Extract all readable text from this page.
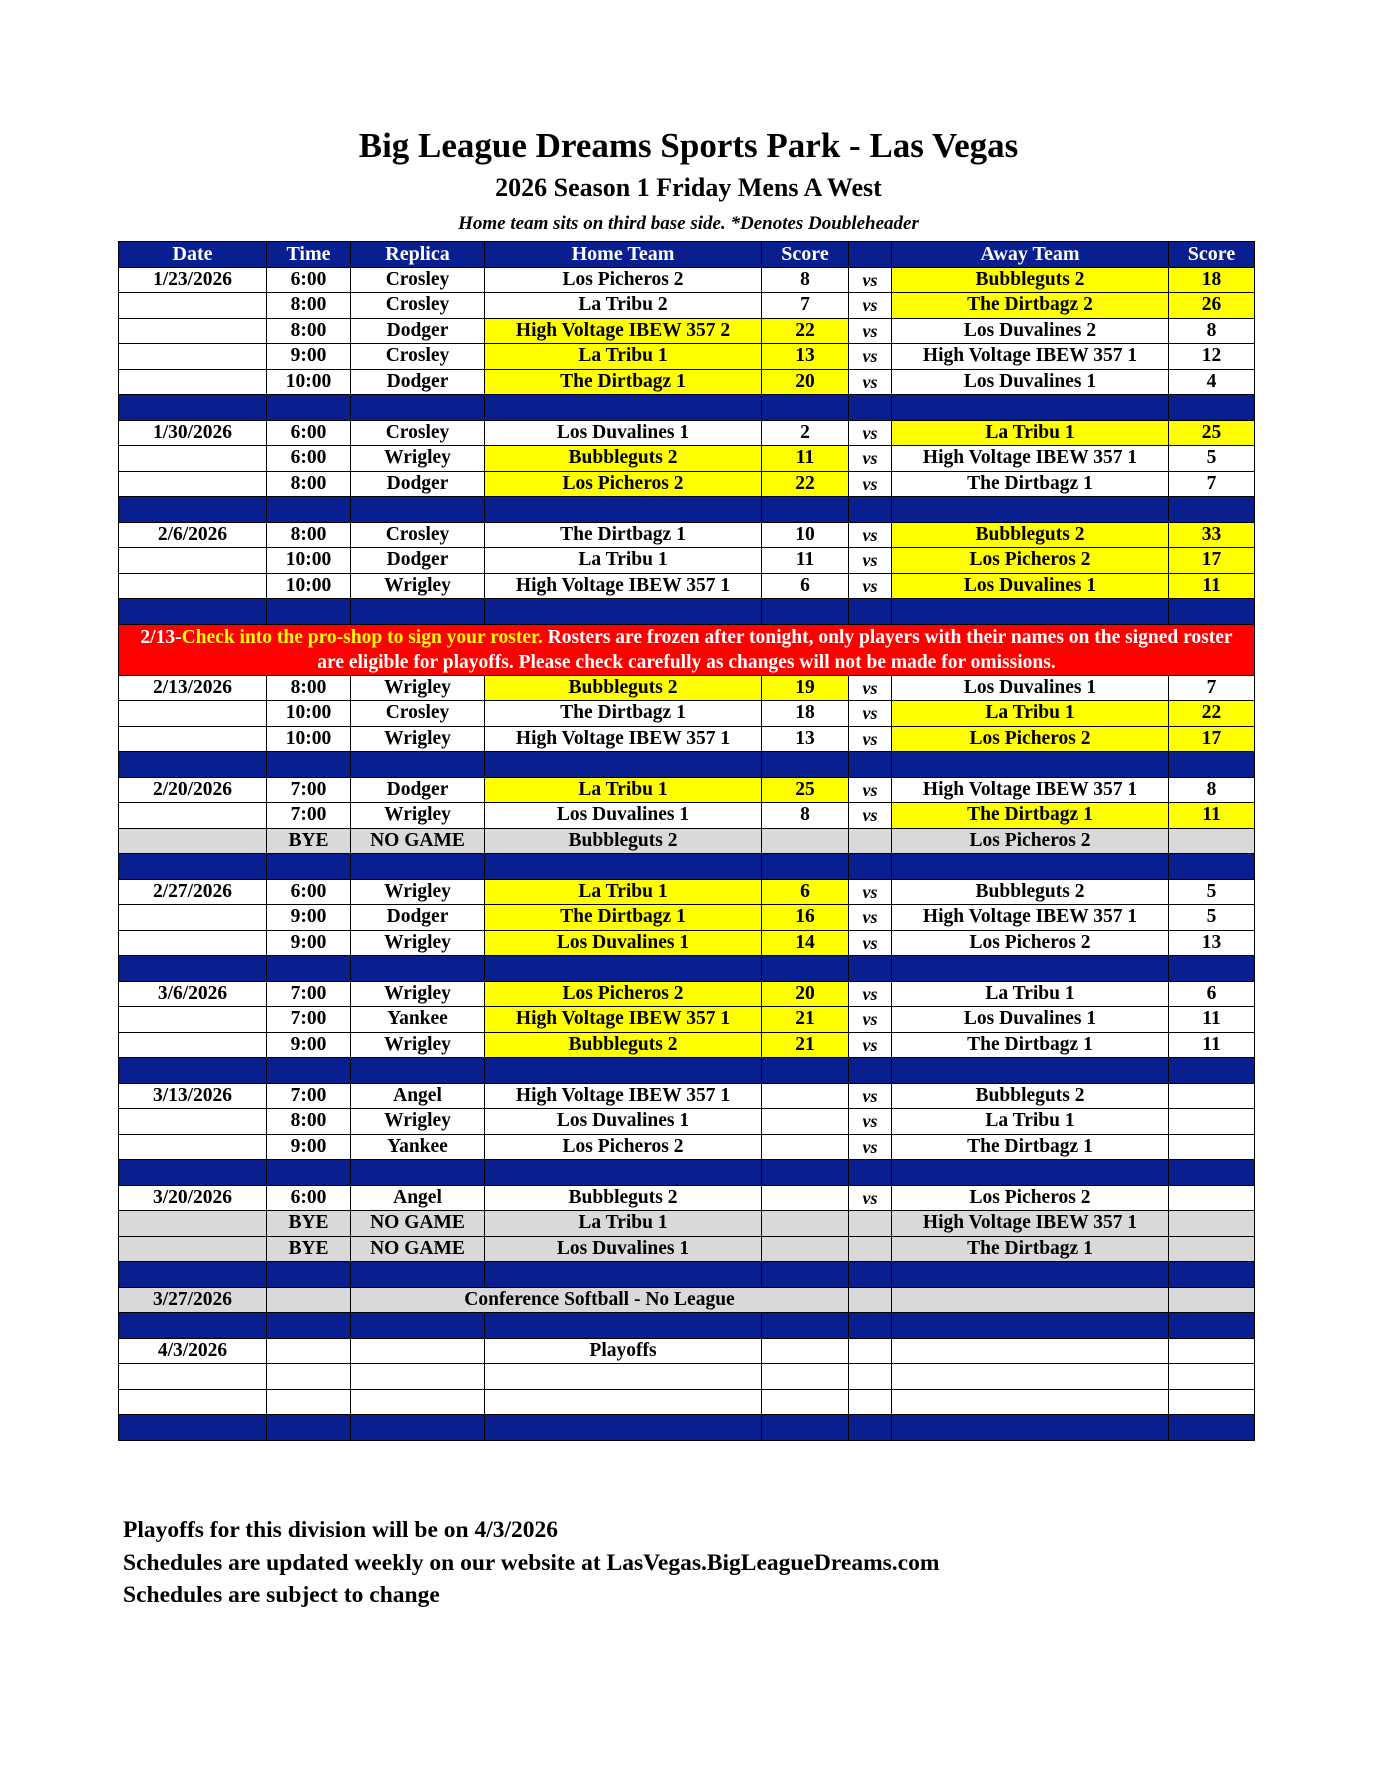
Big League Dreams Sports Park - Las Vegas
2026 Season 1 Friday Mens A West
Home team sits on third base side. *Denotes Doubleheader
Date	Time	Replica	Home Team	Score		Away Team	Score
1/23/2026	6:00	Crosley	Los Picheros 2	8	vs	Bubbleguts 2	18
	8:00	Crosley	La Tribu 2	7	vs	The Dirtbagz 2	26
	8:00	Dodger	High Voltage IBEW 357 2	22	vs	Los Duvalines 2	8
	9:00	Crosley	La Tribu 1	13	vs	High Voltage IBEW 357 1	12
	10:00	Dodger	The Dirtbagz 1	20	vs	Los Duvalines 1	4

1/30/2026	6:00	Crosley	Los Duvalines 1	2	vs	La Tribu 1	25
	6:00	Wrigley	Bubbleguts 2	11	vs	High Voltage IBEW 357 1	5
	8:00	Dodger	Los Picheros 2	22	vs	The Dirtbagz 1	7

2/6/2026	8:00	Crosley	The Dirtbagz 1	10	vs	Bubbleguts 2	33
	10:00	Dodger	La Tribu 1	11	vs	Los Picheros 2	17
	10:00	Wrigley	High Voltage IBEW 357 1	6	vs	Los Duvalines 1	11

2/13-Check into the pro-shop to sign your roster. Rosters are frozen after tonight, only players with their names on the signed roster are eligible for playoffs. Please check carefully as changes will not be made for omissions.							
2/13/2026	8:00	Wrigley	Bubbleguts 2	19	vs	Los Duvalines 1	7
	10:00	Crosley	The Dirtbagz 1	18	vs	La Tribu 1	22
	10:00	Wrigley	High Voltage IBEW 357 1	13	vs	Los Picheros 2	17

2/20/2026	7:00	Dodger	La Tribu 1	25	vs	High Voltage IBEW 357 1	8
	7:00	Wrigley	Los Duvalines 1	8	vs	The Dirtbagz 1	11
	BYE	NO GAME	Bubbleguts 2			Los Picheros 2	

2/27/2026	6:00	Wrigley	La Tribu 1	6	vs	Bubbleguts 2	5
	9:00	Dodger	The Dirtbagz 1	16	vs	High Voltage IBEW 357 1	5
	9:00	Wrigley	Los Duvalines 1	14	vs	Los Picheros 2	13

3/6/2026	7:00	Wrigley	Los Picheros 2	20	vs	La Tribu 1	6
	7:00	Yankee	High Voltage IBEW 357 1	21	vs	Los Duvalines 1	11
	9:00	Wrigley	Bubbleguts 2	21	vs	The Dirtbagz 1	11

3/13/2026	7:00	Angel	High Voltage IBEW 357 1		vs	Bubbleguts 2	
	8:00	Wrigley	Los Duvalines 1		vs	La Tribu 1	
	9:00	Yankee	Los Picheros 2		vs	The Dirtbagz 1	

3/20/2026	6:00	Angel	Bubbleguts 2		vs	Los Picheros 2	
	BYE	NO GAME	La Tribu 1			High Voltage IBEW 357 1	
	BYE	NO GAME	Los Duvalines 1			The Dirtbagz 1	

3/27/2026		Conference Softball - No League					

4/3/2026			Playoffs				

Playoffs for this division will be on 4/3/2026
Schedules are updated weekly on our website at LasVegas.BigLeagueDreams.com
Schedules are subject to change
